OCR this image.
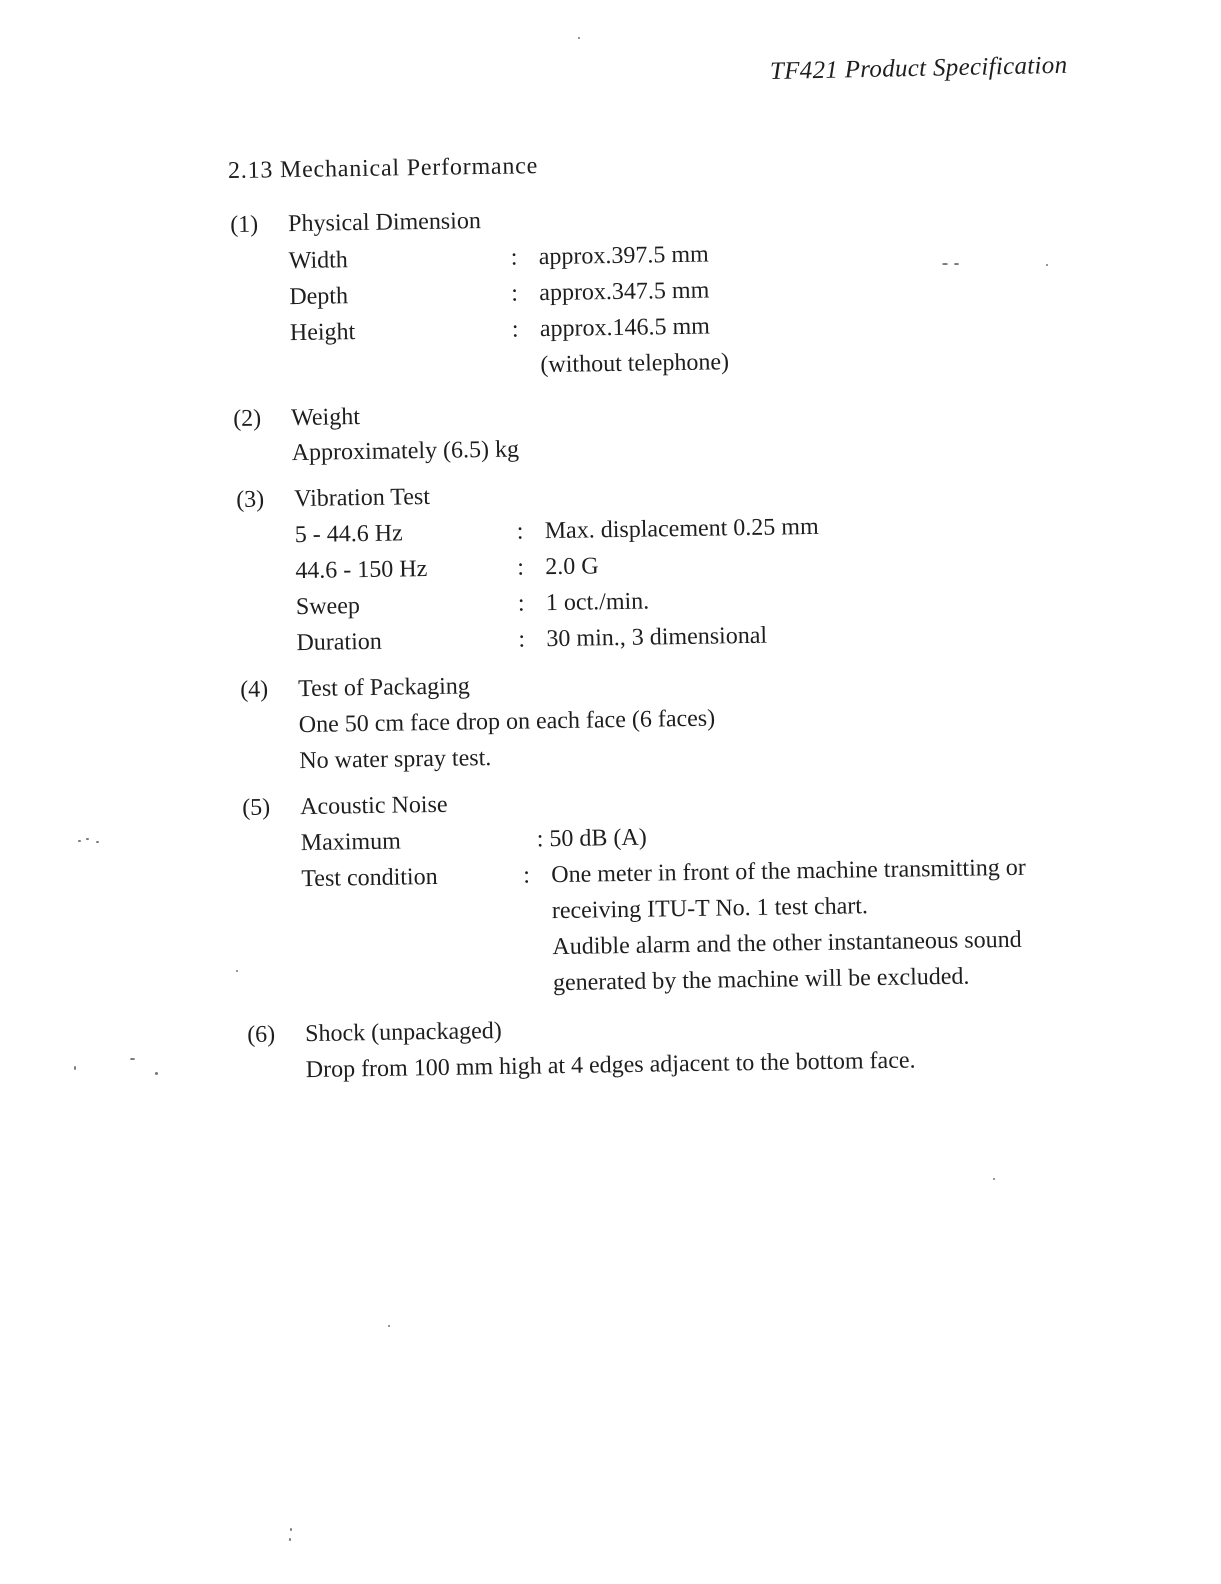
TF421 Product Specification
2.13 Mechanical Performance
(1) Physical Dimension
Width	: approx.397.5 mm
Depth	: approx.347.5 mm
Height	: approx.146.5 mm
(without telephone)
(2) Weight
Approximately (6.5) kg
(3) Vibration Test
5 - 44.6 Hz	: Max. displacement 0.25 mm
44.6 - 150 Hz	: 2.0 G
Sweep	: 1 oct./min.
Duration	: 30 min., 3 dimensional
(4) Test of Packaging
One 50 cm face drop on each face (6 faces)
No water spray test.
(5) Acoustic Noise
Maximum	: 50 dB (A)
Test condition	: One meter in front of the machine transmitting or
receiving ITU-T No. 1 test chart.
Audible alarm and the other instantaneous sound
generated by the machine will be excluded.
(6) Shock (unpackaged)
Drop from 100 mm high at 4 edges adjacent to the bottom face.
